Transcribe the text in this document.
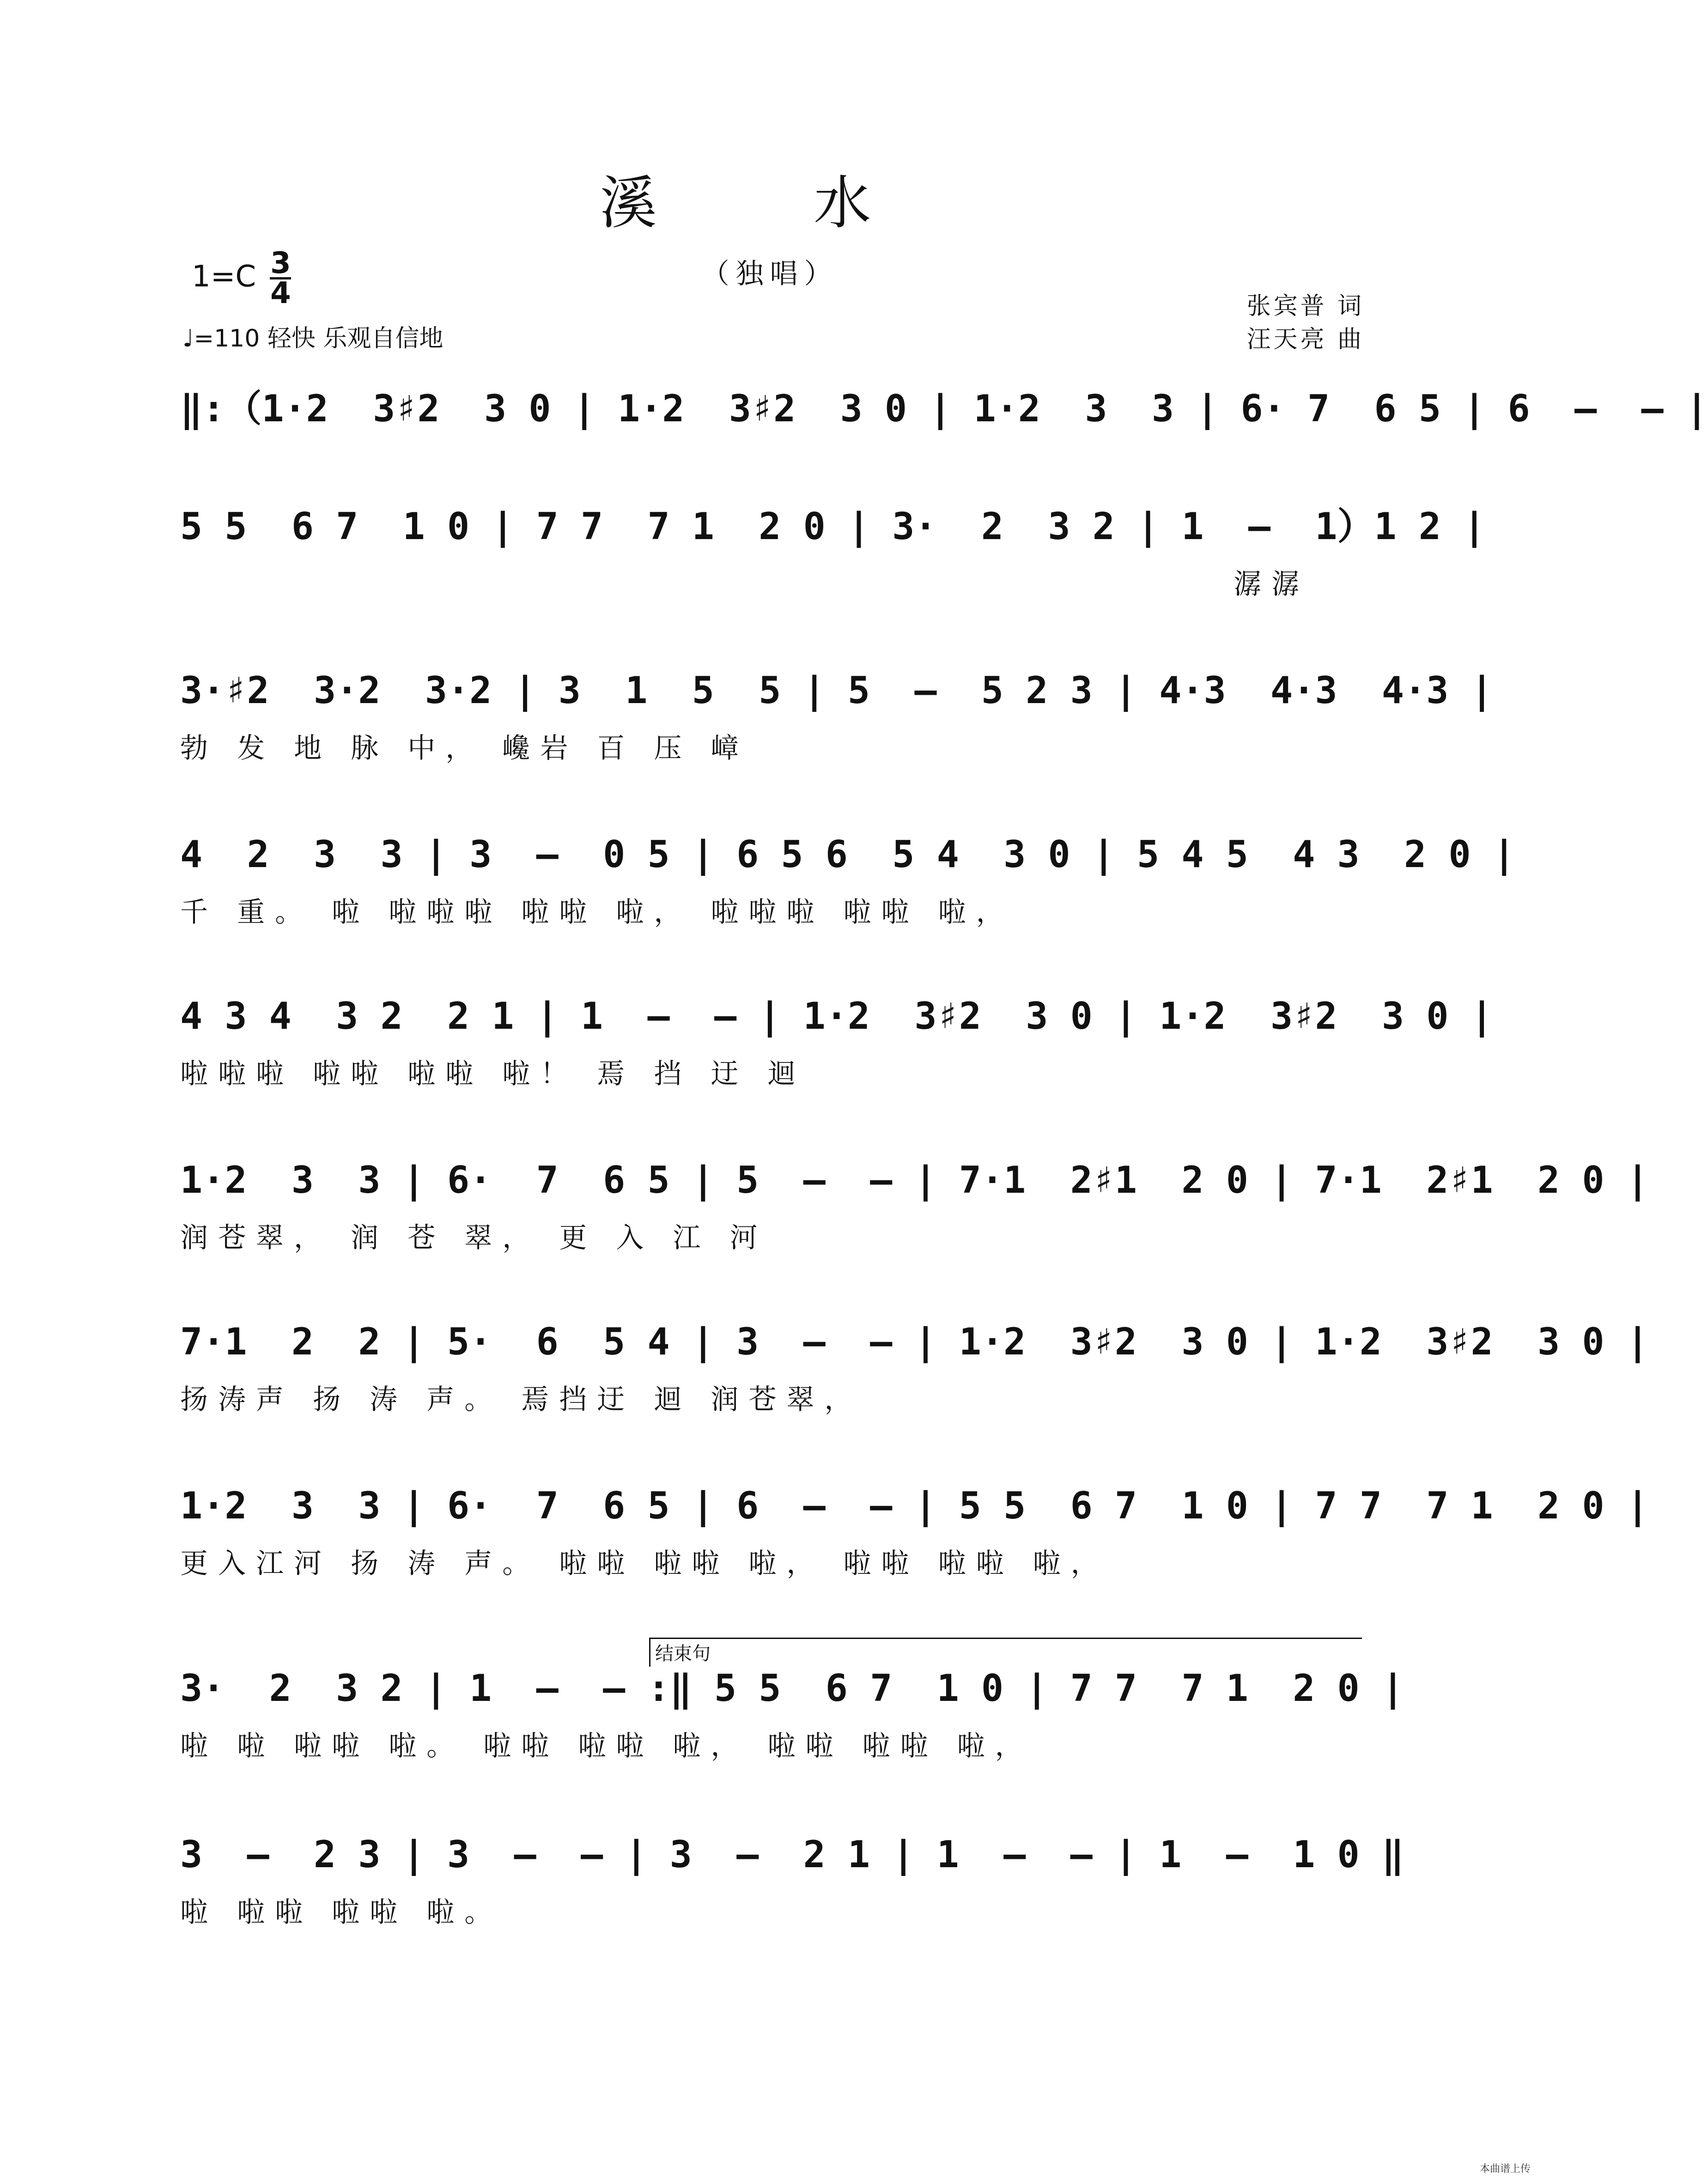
溪 水
（独唱）
1=C 3
4
♩=110 轻快 乐观自信地
张宾普 词
汪天亮 曲
‖:（1·2  3♯2  3 0 | 1·2  3♯2  3 0 | 1·2  3  3 | 6· 7  6 5 | 6  –  – |
5 5  6 7  1 0 | 7 7  7 1  2 0 | 3·  2  3 2 | 1  –  1）1 2 |
潺潺
3·♯2  3·2  3·2 | 3  1  5  5 | 5  –  5 2 3 | 4·3  4·3  4·3 |
勃 发 地 脉 中， 巉岩 百 压 嶂
4  2  3  3 | 3  –  0 5 | 6 5 6  5 4  3 0 | 5 4 5  4 3  2 0 |
千 重。 啦 啦啦啦 啦啦 啦， 啦啦啦 啦啦 啦，
4 3 4  3 2  2 1 | 1  –  – | 1·2  3♯2  3 0 | 1·2  3♯2  3 0 |
啦啦啦 啦啦 啦啦 啦！ 焉 挡 迂 迴
1·2  3  3 | 6·  7  6 5 | 5  –  – | 7·1  2♯1  2 0 | 7·1  2♯1  2 0 |
润苍翠， 润 苍 翠， 更 入 江 河
7·1  2  2 | 5·  6  5 4 | 3  –  – | 1·2  3♯2  3 0 | 1·2  3♯2  3 0 |
扬涛声 扬 涛 声。 焉挡迂 迴 润苍翠，
1·2  3  3 | 6·  7  6 5 | 6  –  – | 5 5  6 7  1 0 | 7 7  7 1  2 0 |
更入江河 扬 涛 声。 啦啦 啦啦 啦， 啦啦 啦啦 啦，
结束句
3·  2  3 2 | 1  –  – :‖ 5 5  6 7  1 0 | 7 7  7 1  2 0 |
啦 啦 啦啦 啦。 啦啦 啦啦 啦， 啦啦 啦啦 啦，
3  –  2 3 | 3  –  – | 3  –  2 1 | 1  –  – | 1  –  1 0 ‖
啦 啦啦 啦啦 啦。
本曲谱上传
